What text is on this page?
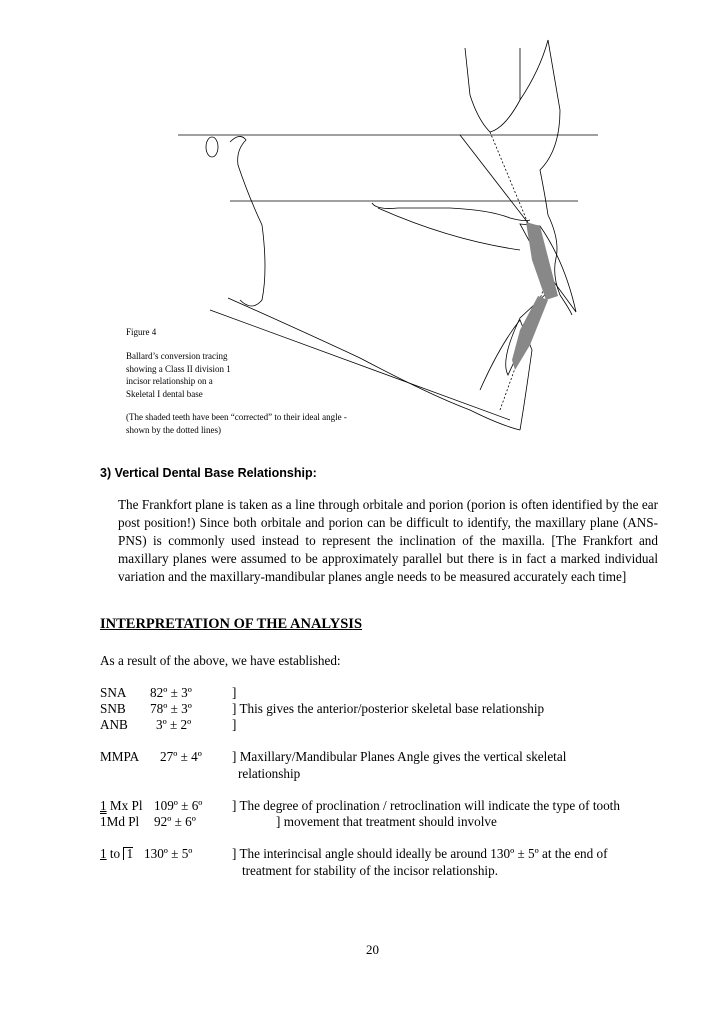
Figure 4
Ballard’s conversion tracing
showing a Class II division 1
incisor relationship on a
Skeletal I dental base
(The shaded teeth have been “corrected” to their ideal angle -
shown by the dotted lines)
3) Vertical Dental Base Relationship:
The Frankfort plane is taken as a line through orbitale and porion (porion is often identified by the ear post position!) Since both orbitale and porion can be difficult to identify, the maxillary plane (ANS-PNS) is commonly used instead to represent the inclination of the maxilla. [The Frankfort and maxillary planes were assumed to be approximately parallel but there is in fact a marked individual variation and the maxillary-mandibular planes angle needs to be measured accurately each time]
INTERPRETATION OF THE ANALYSIS
As a result of the above, we have established:
SNA 82º ± 3º	]
SNB 78º ± 3º	] This gives the anterior/posterior skeletal base relationship
ANB 3º ± 2º	]
MMPA 27º ± 4º ] Maxillary/Mandibular Planes Angle gives the vertical skeletal
relationship
1 Mx Pl 109º ± 6º ] The degree of proclination / retroclination will indicate the type of tooth
1Md Pl 92º ± 6º	] movement that treatment should involve
1 to 1 130º ± 5º	] The interincisal angle should ideally be around 130º ± 5º at the end of
treatment for stability of the incisor relationship.
20
